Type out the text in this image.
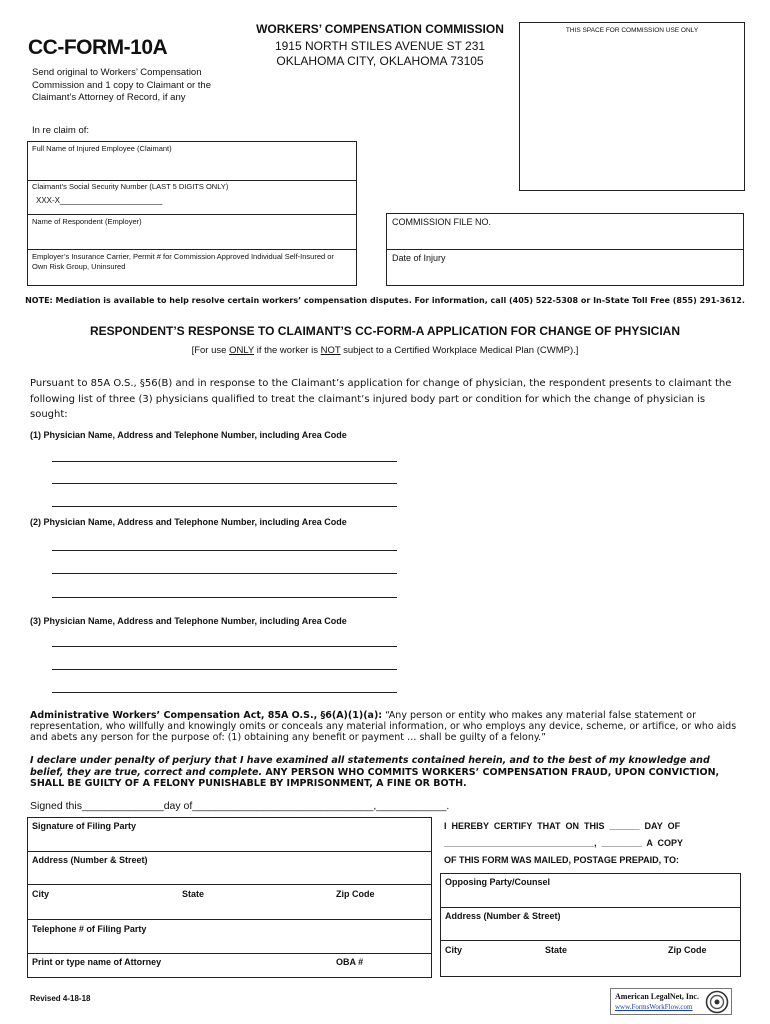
CC-FORM-10A
WORKERS’ COMPENSATION COMMISSION
1915 NORTH STILES AVENUE ST 231
OKLAHOMA CITY, OKLAHOMA 73105
THIS SPACE FOR COMMISSION USE ONLY
Send original to Workers’ Compensation Commission and 1 copy to Claimant or the Claimant’s Attorney of Record, if any
In re claim of:
Full Name of Injured Employee (Claimant)
Claimant’s Social Security Number (LAST 5 DIGITS ONLY)
XXX-X_______________________
Name of Respondent (Employer)
Employer’s Insurance Carrier, Permit # for Commission Approved Individual Self-Insured or Own Risk Group, Uninsured
COMMISSION FILE NO.
Date of Injury
NOTE: Mediation is available to help resolve certain workers’ compensation disputes. For information, call (405) 522-5308 or In-State Toll Free (855) 291-3612.
RESPONDENT’S RESPONSE TO CLAIMANT’S CC-FORM-A APPLICATION FOR CHANGE OF PHYSICIAN
[For use ONLY if the worker is NOT subject to a Certified Workplace Medical Plan (CWMP).]
Pursuant to 85A O.S., §56(B) and in response to the Claimant’s application for change of physician, the respondent presents to claimant the following list of three (3) physicians qualified to treat the claimant’s injured body part or condition for which the change of physician is sought:
(1) Physician Name, Address and Telephone Number, including Area Code
(2) Physician Name, Address and Telephone Number, including Area Code
(3) Physician Name, Address and Telephone Number, including Area Code
Administrative Workers’ Compensation Act, 85A O.S., §6(A)(1)(a): “Any person or entity who makes any material false statement or representation, who willfully and knowingly omits or conceals any material information, or who employs any device, scheme, or artifice, or who aids and abets any person for the purpose of: (1) obtaining any benefit or payment … shall be guilty of a felony.”
I declare under penalty of perjury that I have examined all statements contained herein, and to the best of my knowledge and belief, they are true, correct and complete. ANY PERSON WHO COMMITS WORKERS’ COMPENSATION FRAUD, UPON CONVICTION, SHALL BE GUILTY OF A FELONY PUNISHABLE BY IMPRISONMENT, A FINE OR BOTH.
Signed this______________day of_______________________________,____________.
Signature of Filing Party
Address (Number & Street)
City	State	Zip Code
Telephone # of Filing Party
Print or type name of Attorney	OBA #
I  HEREBY  CERTIFY  THAT  ON  THIS  ______  DAY  OF
______________________________,  ________  A  COPY
OF THIS FORM WAS MAILED, POSTAGE PREPAID, TO:
Opposing Party/Counsel
Address (Number & Street)
City	State	Zip Code
Revised 4-18-18	American LegalNet, Inc.
www.FormsWorkFlow.com
